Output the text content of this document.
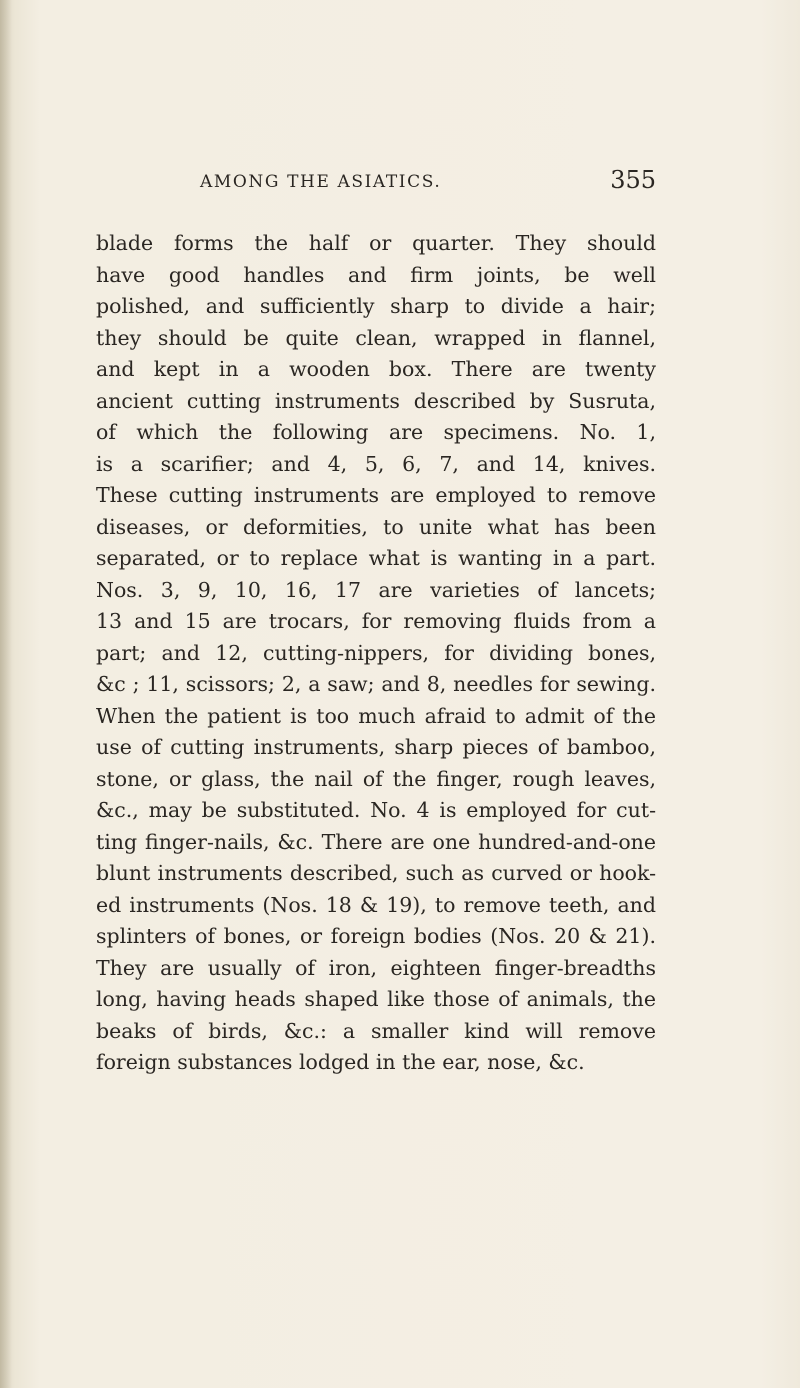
AMONG THE ASIATICS.	355
blade forms the half or quarter. They should
have good handles and firm joints, be well
polished, and sufficiently sharp to divide a hair;
they should be quite clean, wrapped in flannel,
and kept in a wooden box. There are twenty
ancient cutting instruments described by Susruta,
of which the following are specimens. No. 1,
is a scarifier; and 4, 5, 6, 7, and 14, knives.
These cutting instruments are employed to remove
diseases, or deformities, to unite what has been
separated, or to replace what is wanting in a part.
Nos. 3, 9, 10, 16, 17 are varieties of lancets;
13 and 15 are trocars, for removing fluids from a
part; and 12, cutting-nippers, for dividing bones,
&c ; 11, scissors; 2, a saw; and 8, needles for sewing.
When the patient is too much afraid to admit of the
use of cutting instruments, sharp pieces of bamboo,
stone, or glass, the nail of the finger, rough leaves,
&c., may be substituted. No. 4 is employed for cut-
ting finger-nails, &c. There are one hundred-and-one
blunt instruments described, such as curved or hook-
ed instruments (Nos. 18 & 19), to remove teeth, and
splinters of bones, or foreign bodies (Nos. 20 & 21).
They are usually of iron, eighteen finger-breadths
long, having heads shaped like those of animals, the
beaks of birds, &c.: a smaller kind will remove
foreign substances lodged in the ear, nose, &c.
